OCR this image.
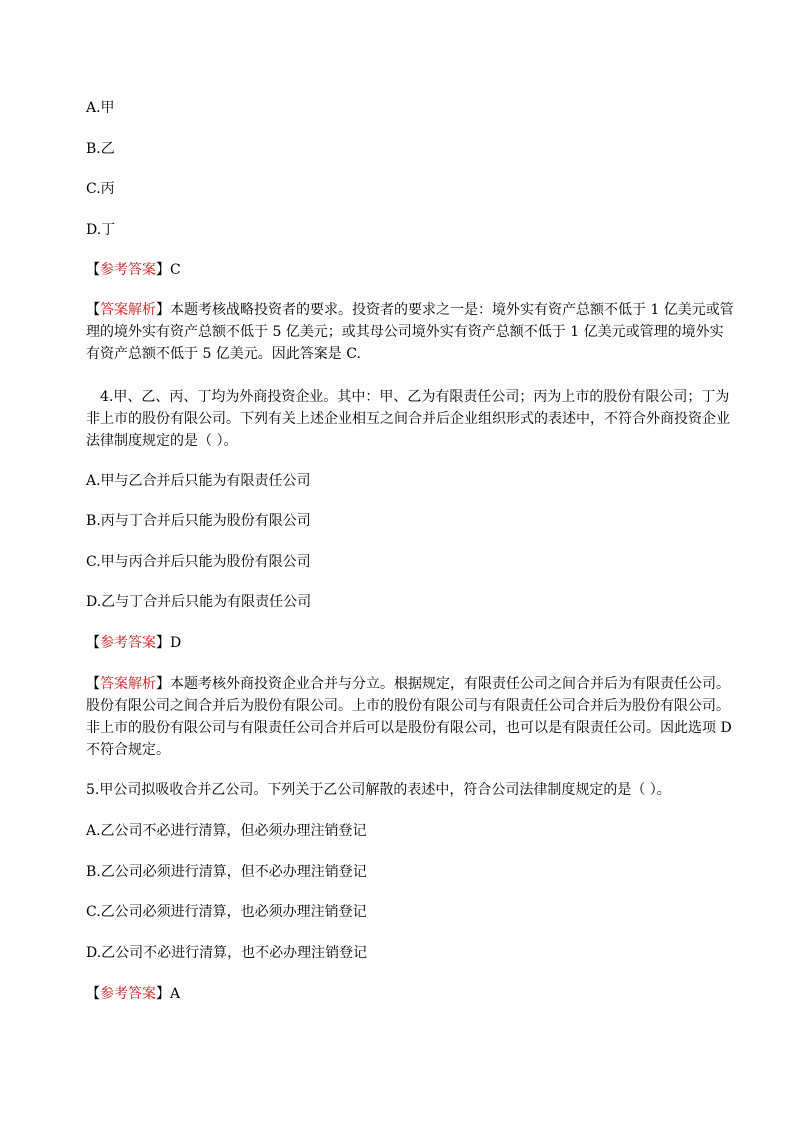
A.甲
B.乙
C.丙
D.丁
【参考答案】C
【答案解析】本题考核战略投资者的要求。投资者的要求之一是：境外实有资产总额不低于 1 亿美元或管理的境外实有资产总额不低于 5 亿美元；或其母公司境外实有资产总额不低于 1 亿美元或管理的境外实有资产总额不低于 5 亿美元。因此答案是 C.
4.甲、乙、丙、丁均为外商投资企业。其中：甲、乙为有限责任公司；丙为上市的股份有限公司；丁为非上市的股份有限公司。下列有关上述企业相互之间合并后企业组织形式的表述中，不符合外商投资企业法律制度规定的是（ ）。
A.甲与乙合并后只能为有限责任公司
B.丙与丁合并后只能为股份有限公司
C.甲与丙合并后只能为股份有限公司
D.乙与丁合并后只能为有限责任公司
【参考答案】D
【答案解析】本题考核外商投资企业合并与分立。根据规定，有限责任公司之间合并后为有限责任公司。股份有限公司之间合并后为股份有限公司。上市的股份有限公司与有限责任公司合并后为股份有限公司。非上市的股份有限公司与有限责任公司合并后可以是股份有限公司，也可以是有限责任公司。因此选项 D 不符合规定。
5.甲公司拟吸收合并乙公司。下列关于乙公司解散的表述中，符合公司法律制度规定的是（ ）。
A.乙公司不必进行清算，但必须办理注销登记
B.乙公司必须进行清算，但不必办理注销登记
C.乙公司必须进行清算，也必须办理注销登记
D.乙公司不必进行清算，也不必办理注销登记
【参考答案】A
